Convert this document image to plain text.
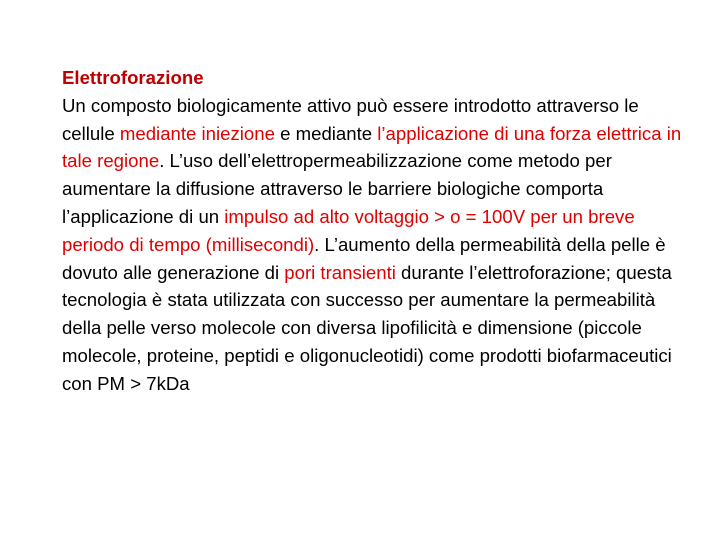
Elettroforazione

Un composto biologicamente attivo può essere introdotto attraverso le cellule mediante iniezione e mediante l’applicazione di una forza elettrica in tale regione. L’uso dell’elettropermeabilizzazione come metodo per aumentare la diffusione attraverso le barriere biologiche comporta l’applicazione di un impulso ad alto voltaggio > o = 100V per un breve periodo di tempo (millisecondi). L’aumento della permeabilità della pelle è dovuto alle generazione di pori transienti durante l’elettroforazione; questa tecnologia è stata utilizzata con successo per aumentare la permeabilità della pelle verso molecole con diversa lipofilicità e dimensione (piccole molecole, proteine, peptidi e oligonucleotidi) come prodotti biofarmaceutici con PM > 7kDa
